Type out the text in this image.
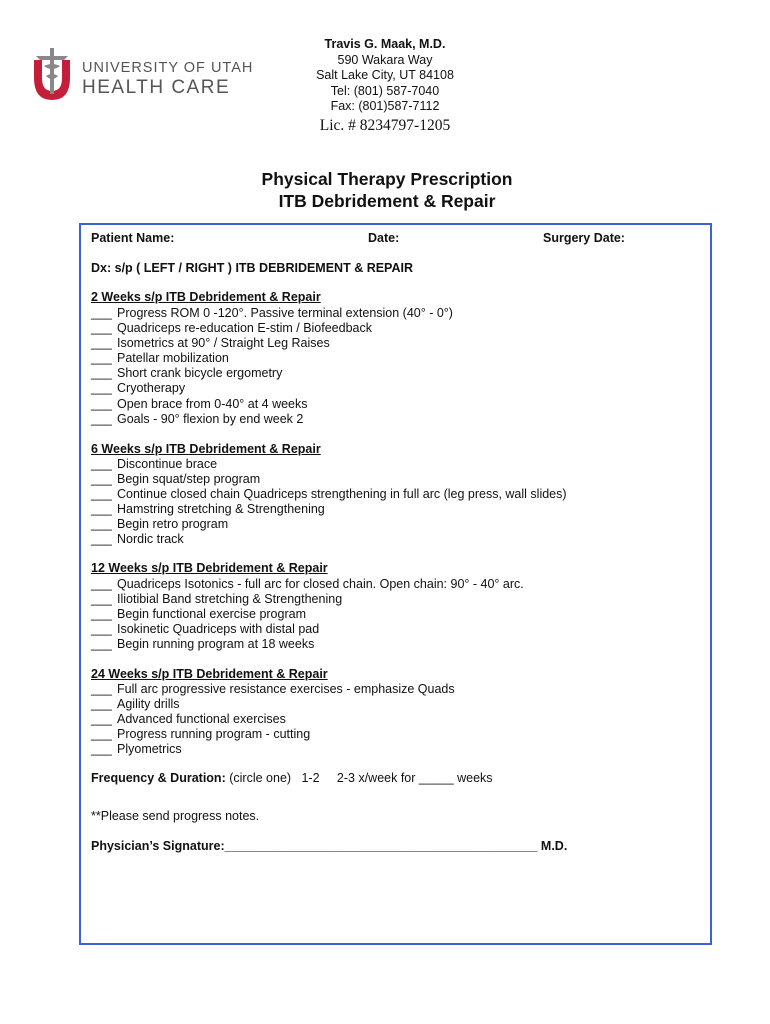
UNIVERSITY OF UTAH
HEALTH CARE
Travis G. Maak, M.D.
590 Wakara Way
Salt Lake City, UT 84108
Tel: (801) 587-7040
Fax: (801)587-7112
Lic. # 8234797-1205
Physical Therapy Prescription
ITB Debridement & Repair
Patient Name:	Date:	Surgery Date:
Dx: s/p ( LEFT / RIGHT ) ITB DEBRIDEMENT & REPAIR
2 Weeks s/p ITB Debridement & Repair
___ Progress ROM 0 -120°. Passive terminal extension (40° - 0°)
___ Quadriceps re-education E-stim / Biofeedback
___ Isometrics at 90° / Straight Leg Raises
___ Patellar mobilization
___ Short crank bicycle ergometry
___ Cryotherapy
___ Open brace from 0-40° at 4 weeks
___ Goals - 90° flexion by end week 2
6 Weeks s/p ITB Debridement & Repair
___ Discontinue brace
___ Begin squat/step program
___ Continue closed chain Quadriceps strengthening in full arc (leg press, wall slides)
___ Hamstring stretching & Strengthening
___ Begin retro program
___ Nordic track
12 Weeks s/p ITB Debridement & Repair
___ Quadriceps Isotonics - full arc for closed chain. Open chain: 90° - 40° arc.
___ Iliotibial Band stretching & Strengthening
___ Begin functional exercise program
___ Isokinetic Quadriceps with distal pad
___ Begin running program at 18 weeks
24 Weeks s/p ITB Debridement & Repair
___ Full arc progressive resistance exercises - emphasize Quads
___ Agility drills
___ Advanced functional exercises
___ Progress running program - cutting
___ Plyometrics
Frequency & Duration: (circle one)   1-2     2-3 x/week for _____ weeks
**Please send progress notes.
Physician’s Signature:_____________________________________________ M.D.
